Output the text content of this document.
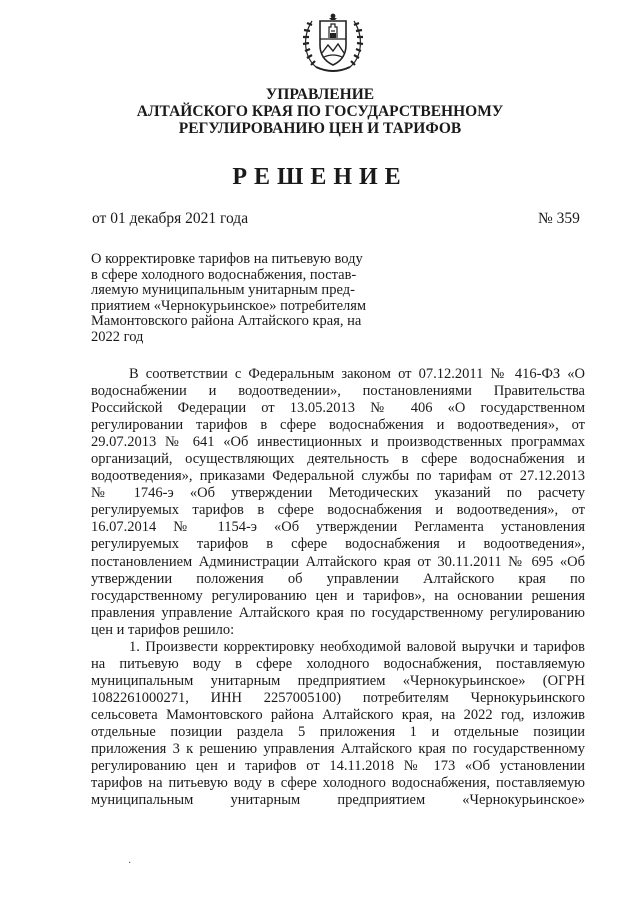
УПРАВЛЕНИЕ
АЛТАЙСКОГО КРАЯ ПО ГОСУДАРСТВЕННОМУ
РЕГУЛИРОВАНИЮ ЦЕН И ТАРИФОВ
РЕШЕНИЕ
от 01 декабря 2021 года	№ 359
О корректировке тарифов на питьевую воду
в сфере холодного водоснабжения, постав-
ляемую муниципальным унитарным пред-
приятием «Чернокурьинское» потребителям
Мамонтовского района Алтайского края, на
2022 год
В соответствии с Федеральным законом от 07.12.2011 № 416-ФЗ «О
водоснабжении и водоотведении», постановлениями Правительства
Российской Федерации от 13.05.2013 № 406 «О государственном
регулировании тарифов в сфере водоснабжения и водоотведения», от
29.07.2013 № 641 «Об инвестиционных и производственных программах
организаций, осуществляющих деятельность в сфере водоснабжения и
водоотведения», приказами Федеральной службы по тарифам от 27.12.2013
№ 1746-э «Об утверждении Методических указаний по расчету
регулируемых тарифов в сфере водоснабжения и водоотведения», от
16.07.2014 № 1154-э «Об утверждении Регламента установления
регулируемых тарифов в сфере водоснабжения и водоотведения»,
постановлением Администрации Алтайского края от 30.11.2011 № 695 «Об
утверждении положения об управлении Алтайского края по
государственному регулированию цен и тарифов», на основании решения
правления управление Алтайского края по государственному регулированию
цен и тарифов решило:
1. Произвести корректировку необходимой валовой выручки и тарифов
на питьевую воду в сфере холодного водоснабжения, поставляемую
муниципальным унитарным предприятием «Чернокурьинское» (ОГРН
1082261000271, ИНН 2257005100) потребителям Чернокурьинского
сельсовета Мамонтовского района Алтайского края, на 2022 год, изложив
отдельные позиции раздела 5 приложения 1 и отдельные позиции
приложения 3 к решению управления Алтайского края по государственному
регулированию цен и тарифов от 14.11.2018 № 173 «Об установлении
тарифов на питьевую воду в сфере холодного водоснабжения, поставляемую
муниципальным унитарным предприятием «Чернокурьинское»
·
